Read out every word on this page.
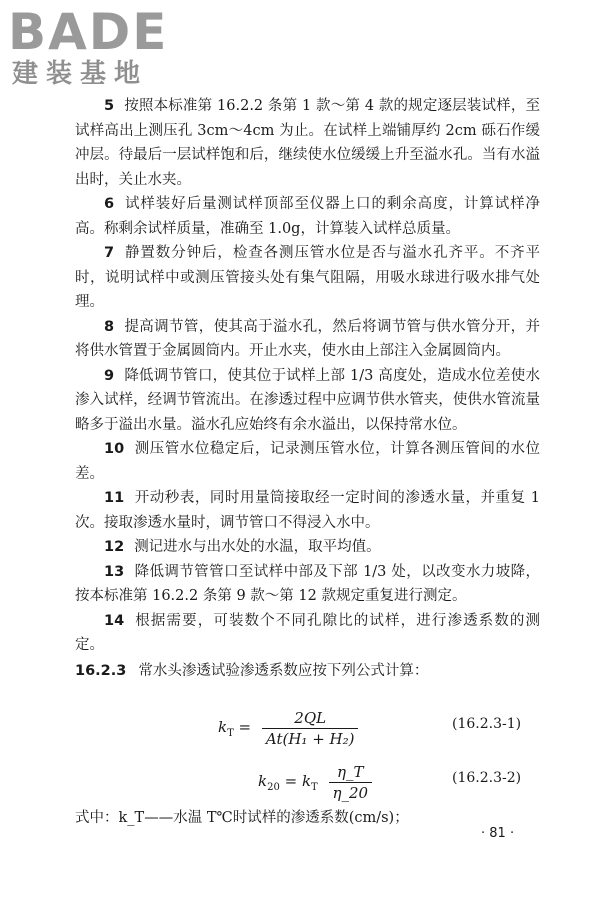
BADE
建装基地

5 按照本标准第 16.2.2 条第 1 款～第 4 款的规定逐层装试样，至试样高出上测压孔 3cm～4cm 为止。在试样上端铺厚约 2cm 砾石作缓冲层。待最后一层试样饱和后，继续使水位缓缓上升至溢水孔。当有水溢出时，关止水夹。

6 试样装好后量测试样顶部至仪器上口的剩余高度，计算试样净高。称剩余试样质量，准确至 1.0g，计算装入试样总质量。

7 静置数分钟后，检查各测压管水位是否与溢水孔齐平。不齐平时，说明试样中或测压管接头处有集气阻隔，用吸水球进行吸水排气处理。

8 提高调节管，使其高于溢水孔，然后将调节管与供水管分开，并将供水管置于金属圆筒内。开止水夹，使水由上部注入金属圆筒内。

9 降低调节管口，使其位于试样上部 1/3 高度处，造成水位差使水渗入试样，经调节管流出。在渗透过程中应调节供水管夹，使供水管流量略多于溢出水量。溢水孔应始终有余水溢出，以保持常水位。

10 测压管水位稳定后，记录测压管水位，计算各测压管间的水位差。

11 开动秒表，同时用量筒接取经一定时间的渗透水量，并重复 1 次。接取渗透水量时，调节管口不得浸入水中。

12 测记进水与出水处的水温，取平均值。

13 降低调节管管口至试样中部及下部 1/3 处，以改变水力坡降，按本标准第 16.2.2 条第 9 款～第 12 款规定重复进行测定。

14 根据需要，可装数个不同孔隙比的试样，进行渗透系数的测定。

16.2.3 常水头渗透试验渗透系数应按下列公式计算：

$k_T = \frac{2QL}{\text{At(H₁ + H₂)}}$	(16.2.3-1)
$k_{20} = k_T \frac{\eta\_T}{\eta\_20}$	(16.2.3-2)
式中：k_T——水温 T℃时试样的渗透系数(cm/s)；
· 81 ·
